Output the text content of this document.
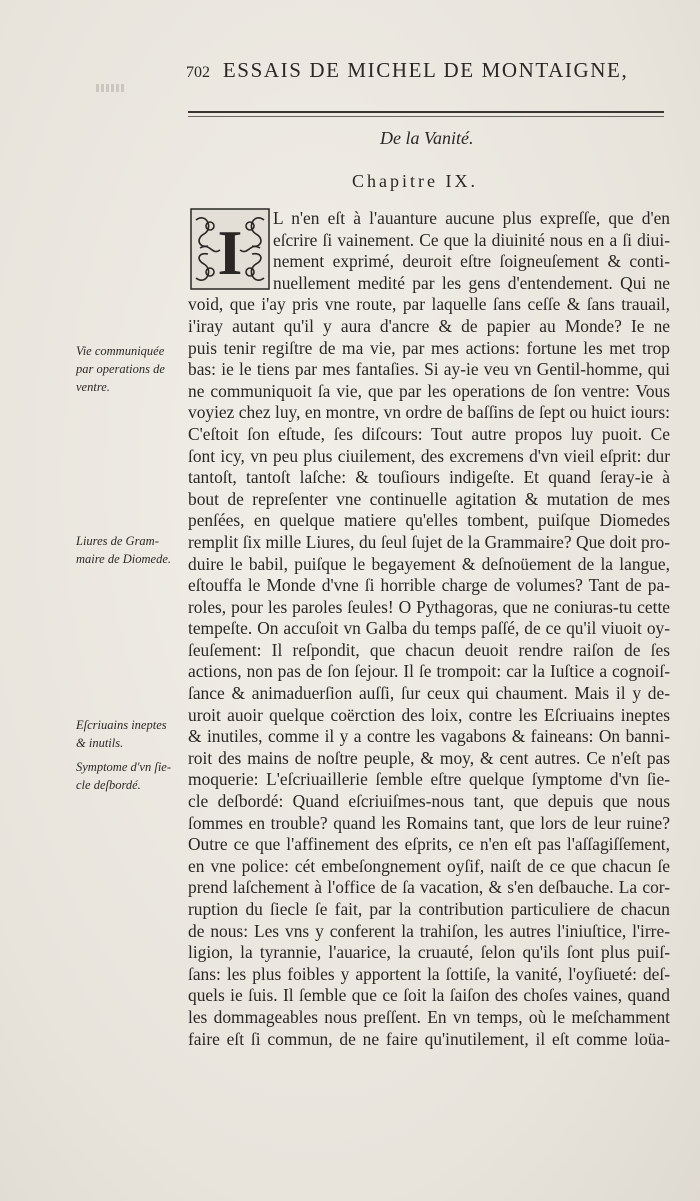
702 ESSAIS DE MICHEL DE MONTAIGNE,
De la Vanité.
Chapitre IX.
I	L n'en eſt à l'auanture aucune plus expreſſe, que d'en
eſcrire ſi vainement. Ce que la diuinité nous en a ſi diui-
nement exprimé, deuroit eſtre ſoigneuſement & conti-
nuellement medité par les gens d'entendement. Qui ne
void, que i'ay pris vne route, par laquelle ſans ceſſe & ſans trauail,
i'iray autant qu'il y aura d'ancre & de papier au Monde? Ie ne
puis tenir regiſtre de ma vie, par mes actions: fortune les met trop
bas: ie le tiens par mes fantaſies. Si ay-ie veu vn Gentil-homme, qui
ne communiquoit ſa vie, que par les operations de ſon ventre: Vous
voyiez chez luy, en montre, vn ordre de baſſins de ſept ou huict iours:
C'eſtoit ſon eſtude, ſes diſcours: Tout autre propos luy puoit. Ce
ſont icy, vn peu plus ciuilement, des excremens d'vn vieil eſprit: dur
tantoſt, tantoſt laſche: & touſiours indigeſte. Et quand ſeray-ie à
bout de repreſenter vne continuelle agitation & mutation de mes
penſées, en quelque matiere qu'elles tombent, puiſque Diomedes
remplit ſix mille Liures, du ſeul ſujet de la Grammaire? Que doit pro-
duire le babil, puiſque le begayement & deſnoüement de la langue,
eſtouffa le Monde d'vne ſi horrible charge de volumes? Tant de pa-
roles, pour les paroles ſeules! O Pythagoras, que ne coniuras-tu cette
tempeſte. On accuſoit vn Galba du temps paſſé, de ce qu'il viuoit oy-
ſeuſement: Il reſpondit, que chacun deuoit rendre raiſon de ſes
actions, non pas de ſon ſejour. Il ſe trompoit: car la Iuſtice a cognoiſ-
ſance & animaduerſion auſſi, ſur ceux qui chaument. Mais il y de-
uroit auoir quelque coërction des loix, contre les Eſcriuains ineptes
& inutiles, comme il y a contre les vagabons & faineans: On banni-
roit des mains de noſtre peuple, & moy, & cent autres. Ce n'eſt pas
moquerie: L'eſcriuaillerie ſemble eſtre quelque ſymptome d'vn ſie-
cle deſbordé: Quand eſcriuiſmes-nous tant, que depuis que nous
ſommes en trouble? quand les Romains tant, que lors de leur ruine?
Outre ce que l'affinement des eſprits, ce n'en eſt pas l'aſſagiſſement,
en vne police: cét embeſongnement oyſif, naiſt de ce que chacun ſe
prend laſchement à l'office de ſa vacation, & s'en deſbauche. La cor-
ruption du ſiecle ſe fait, par la contribution particuliere de chacun
de nous: Les vns y conferent la trahiſon, les autres l'iniuſtice, l'irre-
ligion, la tyrannie, l'auarice, la cruauté, ſelon qu'ils ſont plus puiſ-
ſans: les plus foibles y apportent la ſottiſe, la vanité, l'oyſiueté: deſ-
quels ie ſuis. Il ſemble que ce ſoit la ſaiſon des choſes vaines, quand
les dommageables nous preſſent. En vn temps, où le meſchamment
faire eſt ſi commun, de ne faire qu'inutilement, il eſt comme loüa-
Vie communiquée
par operations de
ventre.
Liures de Gram-
maire de Diomede.
Eſcriuains ineptes
& inutils.
Symptome d'vn ſie-
cle deſbordé.
